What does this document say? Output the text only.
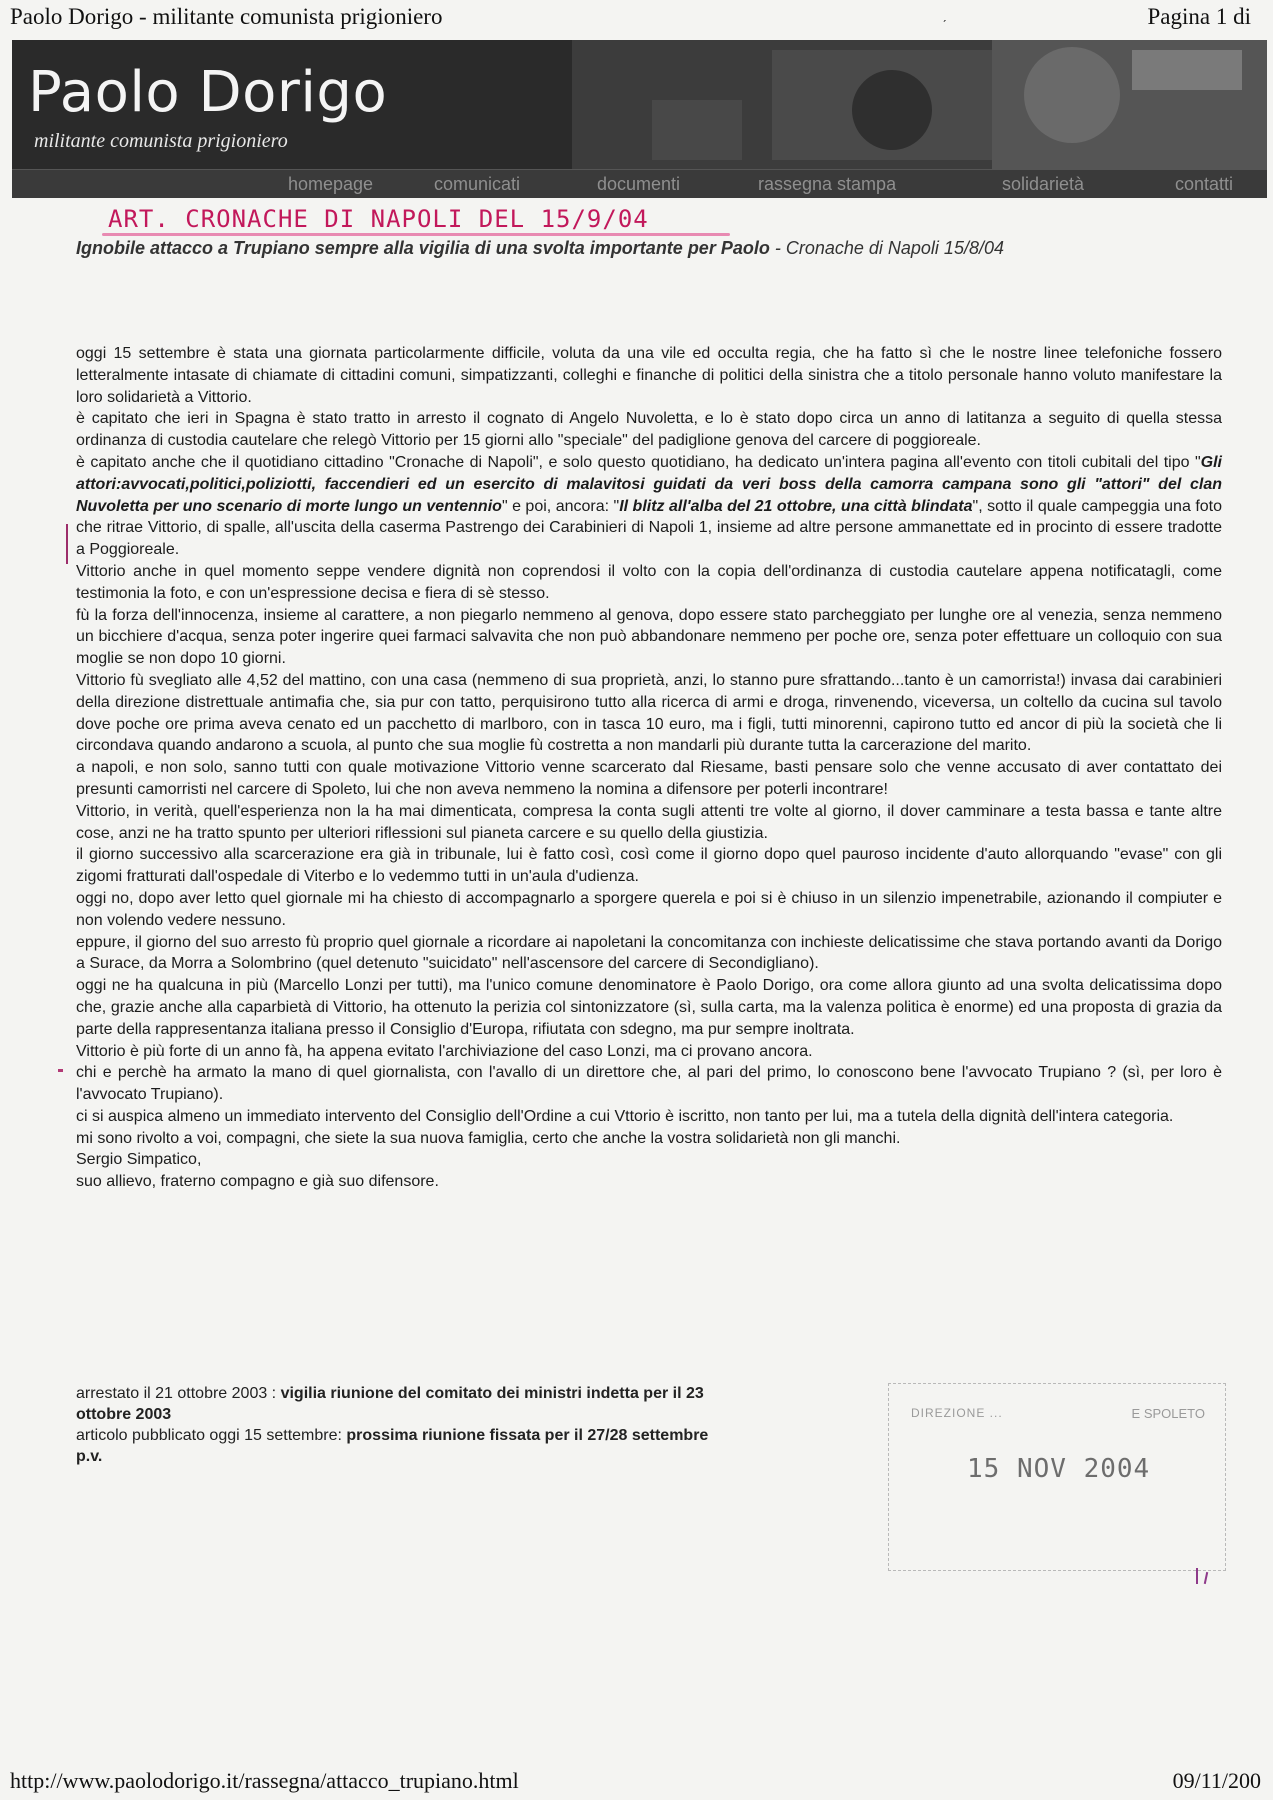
Paolo Dorigo - militante comunista prigioniero	ˏ	Pagina 1 di
Paolo Dorigo
militante comunista prigioniero
homepage	comunicati	documenti	rassegna stampa	solidarietà	contatti
ART. CRONACHE DI NAPOLI DEL 15/9/04
Ignobile attacco a Trupiano sempre alla vigilia di una svolta importante per Paolo - Cronache di Napoli 15/8/04

oggi 15 settembre è stata una giornata particolarmente difficile, voluta da una vile ed occulta regia, che ha fatto sì che le nostre linee telefoniche fossero letteralmente intasate di chiamate di cittadini comuni, simpatizzanti, colleghi e finanche di politici della sinistra che a titolo personale hanno voluto manifestare la loro solidarietà a Vittorio.

è capitato che ieri in Spagna è stato tratto in arresto il cognato di Angelo Nuvoletta, e lo è stato dopo circa un anno di latitanza a seguito di quella stessa ordinanza di custodia cautelare che relegò Vittorio per 15 giorni allo "speciale" del padiglione genova del carcere di poggioreale.

è capitato anche che il quotidiano cittadino "Cronache di Napoli", e solo questo quotidiano, ha dedicato un'intera pagina all'evento con titoli cubitali del tipo "Gli attori:avvocati,politici,poliziotti, faccendieri ed un esercito di malavitosi guidati da veri boss della camorra campana sono gli "attori" del clan Nuvoletta per uno scenario di morte lungo un ventennio" e poi, ancora: "Il blitz all'alba del 21 ottobre, una città blindata", sotto il quale campeggia una foto che ritrae Vittorio, di spalle, all'uscita della caserma Pastrengo dei Carabinieri di Napoli 1, insieme ad altre persone ammanettate ed in procinto di essere tradotte a Poggioreale.

Vittorio anche in quel momento seppe vendere dignità non coprendosi il volto con la copia dell'ordinanza di custodia cautelare appena notificatagli, come testimonia la foto, e con un'espressione decisa e fiera di sè stesso.

fù la forza dell'innocenza, insieme al carattere, a non piegarlo nemmeno al genova, dopo essere stato parcheggiato per lunghe ore al venezia, senza nemmeno un bicchiere d'acqua, senza poter ingerire quei farmaci salvavita che non può abbandonare nemmeno per poche ore, senza poter effettuare un colloquio con sua moglie se non dopo 10 giorni.

Vittorio fù svegliato alle 4,52 del mattino, con una casa (nemmeno di sua proprietà, anzi, lo stanno pure sfrattando...tanto è un camorrista!) invasa dai carabinieri della direzione distrettuale antimafia che, sia pur con tatto, perquisirono tutto alla ricerca di armi e droga, rinvenendo, viceversa, un coltello da cucina sul tavolo dove poche ore prima aveva cenato ed un pacchetto di marlboro, con in tasca 10 euro, ma i figli, tutti minorenni, capirono tutto ed ancor di più la società che li circondava quando andarono a scuola, al punto che sua moglie fù costretta a non mandarli più durante tutta la carcerazione del marito.

a napoli, e non solo, sanno tutti con quale motivazione Vittorio venne scarcerato dal Riesame, basti pensare solo che venne accusato di aver contattato dei presunti camorristi nel carcere di Spoleto, lui che non aveva nemmeno la nomina a difensore per poterli incontrare!

Vittorio, in verità, quell'esperienza non la ha mai dimenticata, compresa la conta sugli attenti tre volte al giorno, il dover camminare a testa bassa e tante altre cose, anzi ne ha tratto spunto per ulteriori riflessioni sul pianeta carcere e su quello della giustizia.

il giorno successivo alla scarcerazione era già in tribunale, lui è fatto così, così come il giorno dopo quel pauroso incidente d'auto allorquando "evase" con gli zigomi fratturati dall'ospedale di Viterbo e lo vedemmo tutti in un'aula d'udienza.

oggi no, dopo aver letto quel giornale mi ha chiesto di accompagnarlo a sporgere querela e poi si è chiuso in un silenzio impenetrabile, azionando il compiuter e non volendo vedere nessuno.

eppure, il giorno del suo arresto fù proprio quel giornale a ricordare ai napoletani la concomitanza con inchieste delicatissime che stava portando avanti da Dorigo a Surace, da Morra a Solombrino (quel detenuto "suicidato" nell'ascensore del carcere di Secondigliano).

oggi ne ha qualcuna in più (Marcello Lonzi per tutti), ma l'unico comune denominatore è Paolo Dorigo, ora come allora giunto ad una svolta delicatissima dopo che, grazie anche alla caparbietà di Vittorio, ha ottenuto la perizia col sintonizzatore (sì, sulla carta, ma la valenza politica è enorme) ed una proposta di grazia da parte della rappresentanza italiana presso il Consiglio d'Europa, rifiutata con sdegno, ma pur sempre inoltrata.

Vittorio è più forte di un anno fà, ha appena evitato l'archiviazione del caso Lonzi, ma ci provano ancora.

chi e perchè ha armato la mano di quel giornalista, con l'avallo di un direttore che, al pari del primo, lo conoscono bene l'avvocato Trupiano ? (sì, per loro è l'avvocato Trupiano).

ci si auspica almeno un immediato intervento del Consiglio dell'Ordine a cui Vttorio è iscritto, non tanto per lui, ma a tutela della dignità dell'intera categoria.

mi sono rivolto a voi, compagni, che siete la sua nuova famiglia, certo che anche la vostra solidarietà non gli manchi.

Sergio Simpatico,

suo allievo, fraterno compagno e già suo difensore.

arrestato il 21 ottobre 2003 : vigilia riunione del comitato dei ministri indetta per il 23 ottobre 2003

articolo pubblicato oggi 15 settembre: prossima riunione fissata per il 27/28 settembre p.v.

DIREZIONE ...	E SPOLETO
15 NOV 2004
http://www.paolodorigo.it/rassegna/attacco_trupiano.html	09/11/200
